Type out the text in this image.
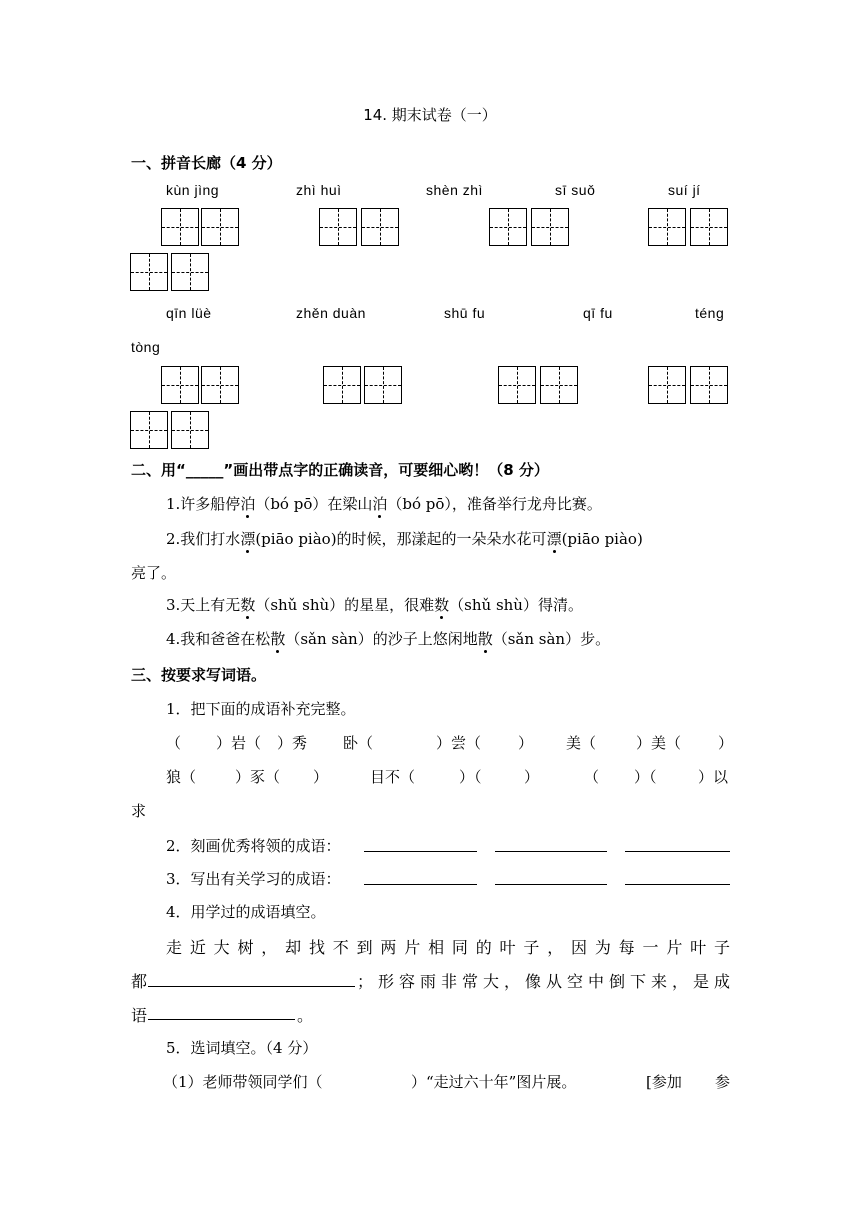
14. 期末试卷（一）
一、拼音长廊（4 分）
kùn jìng	zhì huì	shèn zhì	sī suǒ	suí jí
qīn lüè	zhěn duàn	shū fu	qī fu	téng
tòng
二、用“_____”画出带点字的正确读音，可要细心哟！（8 分）
1.许多船停泊（bó pō）在梁山泊（bó pō），准备举行龙舟比赛。
2.我们打水漂(piāo piào)的时候，那漾起的一朵朵水花可漂(piāo piào)
亮了。
3.天上有无数（shǔ shù）的星星，很难数（shǔ shù）得清。
4.我和爸爸在松散（sǎn sàn）的沙子上悠闲地散（sǎn sàn）步。
三、按要求写词语。
1．把下面的成语补充完整。
（ ）岩（ ）秀 卧（	）尝（ ） 美（	）美（ ）
狼（	）豕（ ）	目不（	）（	）	（ ）（	）以
求
2．刻画优秀将领的成语：
3．写出有关学习的成语：
4．用学过的成语填空。
走近大树，却找不到两片相同的叶子，因为每一片叶子
都	；形容雨非常大，像从空中倒下来，是成
语	。
5．选词填空。（4 分）
（1）老师带领同学们（	）“走过六十年”图片展。	[参加 参
